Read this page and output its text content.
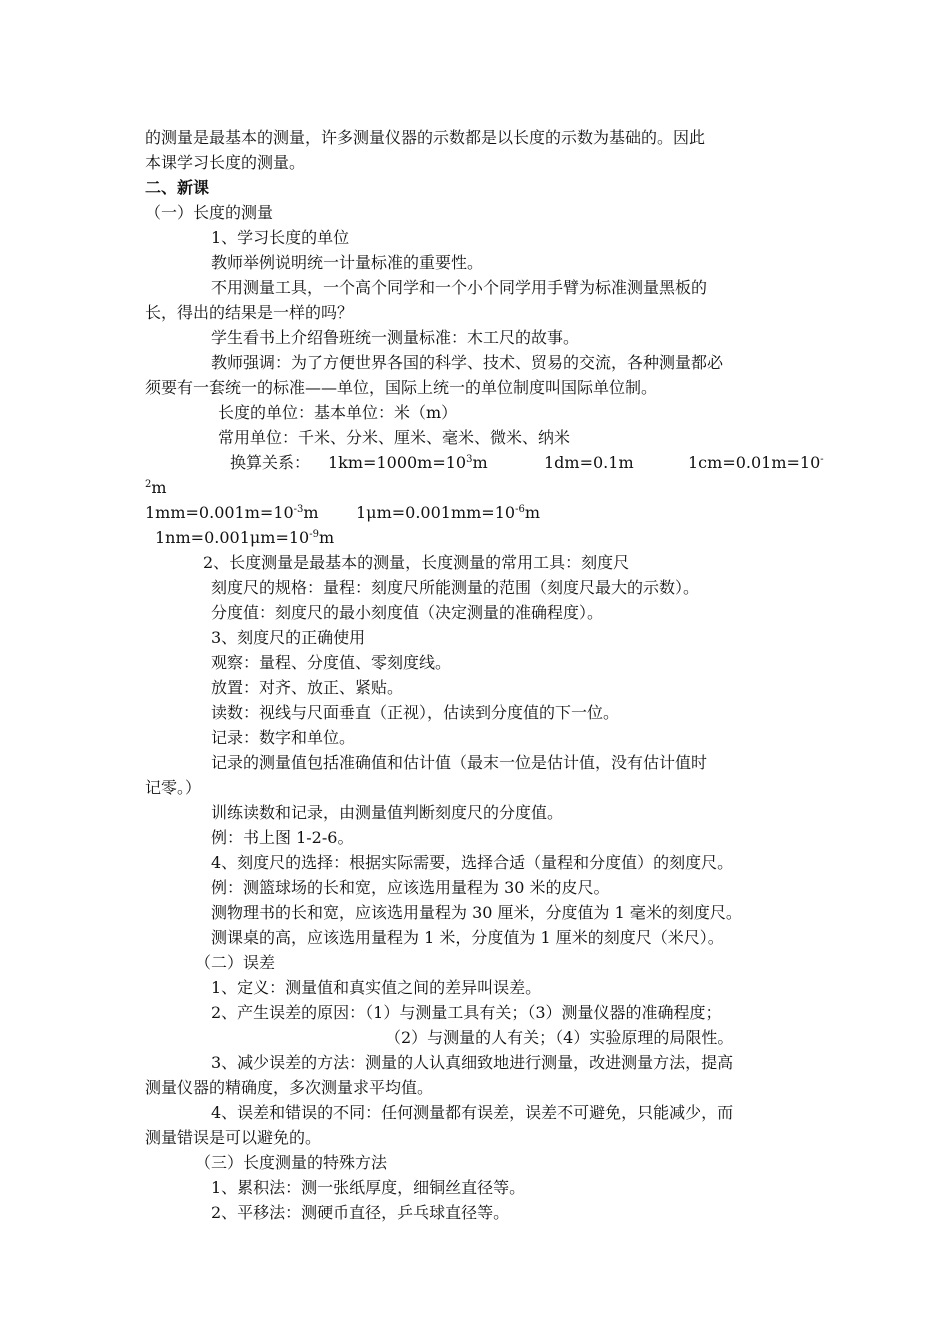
的测量是最基本的测量，许多测量仪器的示数都是以长度的示数为基础的。因此
本课学习长度的测量。
二、新课
（一）长度的测量
1、学习长度的单位
教师举例说明统一计量标准的重要性。
不用测量工具，一个高个同学和一个小个同学用手臂为标准测量黑板的
长，得出的结果是一样的吗？
学生看书上介绍鲁班统一测量标准：木工尺的故事。
教师强调：为了方便世界各国的科学、技术、贸易的交流，各种测量都必
须要有一套统一的标准——单位，国际上统一的单位制度叫国际单位制。
长度的单位：基本单位：米（m）
常用单位：千米、分米、厘米、毫米、微米、纳米
换算关系： $1km=1000m=10^3m$	1dm=0.1m	1cm=0.01m=10-
$^2$m
$1mm=0.001m=10^{-3}m$ $1\mu m=0.001mm=10^{-6}m$
$1nm=0.001\mu m=10^{-9}m$
2、长度测量是最基本的测量，长度测量的常用工具：刻度尺
刻度尺的规格：量程：刻度尺所能测量的范围（刻度尺最大的示数）。
分度值：刻度尺的最小刻度值（决定测量的准确程度）。
3、刻度尺的正确使用
观察：量程、分度值、零刻度线。
放置：对齐、放正、紧贴。
读数：视线与尺面垂直（正视），估读到分度值的下一位。
记录：数字和单位。
记录的测量值包括准确值和估计值（最末一位是估计值，没有估计值时
记零。）
训练读数和记录，由测量值判断刻度尺的分度值。
例：书上图 1-2-6。
4、刻度尺的选择：根据实际需要，选择合适（量程和分度值）的刻度尺。
例：测篮球场的长和宽，应该选用量程为 30 米的皮尺。
测物理书的长和宽，应该选用量程为 30 厘米，分度值为 1 毫米的刻度尺。
测课桌的高，应该选用量程为 1 米，分度值为 1 厘米的刻度尺（米尺）。
（二）误差
1、定义：测量值和真实值之间的差异叫误差。
2、产生误差的原因：（1）与测量工具有关；（3）测量仪器的准确程度；
（2）与测量的人有关；（4）实验原理的局限性。
3、减少误差的方法：测量的人认真细致地进行测量，改进测量方法，提高
测量仪器的精确度，多次测量求平均值。
4、误差和错误的不同：任何测量都有误差，误差不可避免，只能减少，而
测量错误是可以避免的。
（三）长度测量的特殊方法
1、累积法：测一张纸厚度，细铜丝直径等。
2、平移法：测硬币直径，乒乓球直径等。
